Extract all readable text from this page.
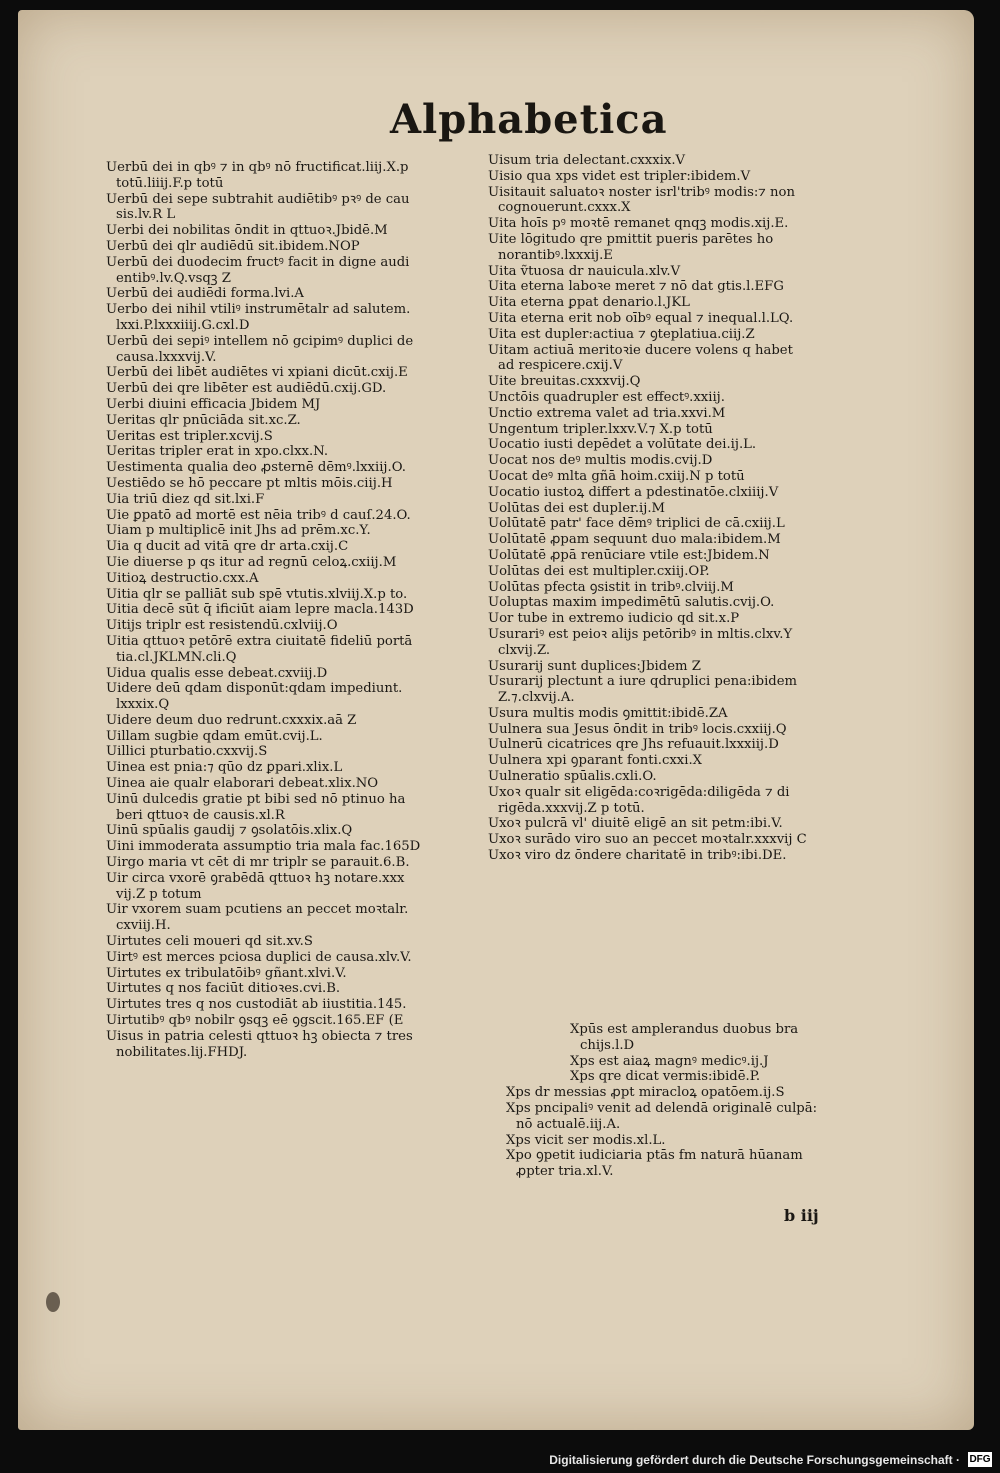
Alphabetica
Uerbū dei in qbꝰ ⁊ in qbꝰ nō fructificat.liij.X.p
totū.liiij.F.p totū
Uerbū dei sepe subtrahit audiētibꝰ pꝛꝰ de cau
sis.lv.R L
Uerbi dei nobilitas ōndit in qttuoꝛ.Jbidē.M
Uerbū dei qlr audiēdū sit.ibidem.NOP
Uerbū dei duodecim fructꝰ facit in digne audi
entibꝰ.lv.Q.vsqꝫ Z
Uerbū dei audiēdi forma.lvi.A
Uerbo dei nihil vtiliꝰ instrumētalr ad salutem.
lxxi.P.lxxxiiij.G.cxl.D
Uerbū dei sepiꝰ intellem nō gcipimꝰ duplici de
causa.lxxxvij.V.
Uerbū dei libēt audiētes vi xpiani dicūt.cxij.E
Uerbū dei qre libēter est audiēdū.cxij.GD.
Uerbi diuini efficacia Jbidem MJ
Ueritas qlr pnūciāda sit.xc.Z.
Ueritas est tripler.xcvij.S
Ueritas tripler erat in xpo.clxx.N.
Uestimenta qualia deo ꝓsternē dēmꝰ.lxxiij.O.
Uestiēdo se hō peccare pt mltis mōis.ciij.H
Uia triū diez qd sit.lxi.F
Uie ꝑpatō ad mortē est nēia tribꝰ d cauſ.24.O.
Uiam p multiplicē init Jhs ad prēm.xc.Y.
Uia q ducit ad vitā qre dr arta.cxij.C
Uie diuerse p qs itur ad regnū celoꝝ.cxiij.M
Uitioꝝ destructio.cxx.A
Uitia qlr se palliāt sub spē vtutis.xlviij.X.p to.
Uitia decē sūt q̄ ificiūt aiam lepre macl̄a.143D
Uitijs triplr est resistendū.cxlviij.O
Uitia qttuoꝛ petōrē extra ciuitatē fideliū portā
tia.cl.JKLMN.cli.Q
Uidua qualis esse debeat.cxviij.D
Uidere deū qdam disponūt:qdam impediunt.
lxxxix.Q
Uidere deum duo redrunt.cxxxix.aā Z
Uillam sugbie qdam emūt.cvij.L.
Uillici pturbatio.cxxvij.S
Uinea est pnia:⁊ qūo dz ꝑpari.xlix.L
Uinea aie qualr elaborari debeat.xlix.NO
Uinū dulcedis gratie pt bibi sed nō ptinuo ha
beri qttuoꝛ de causis.xl.R
Uinū spūalis gaudij ⁊ ꝯsolatōis.xlix.Q
Uini immoderata assumptio tria mala fac.165D
Uirgo maria vt cēt di mr tripl̄r se parauit.6.B.
Uir circa vxorē ꝯrabēdā qttuoꝛ hꝫ notare.xxx
vij.Z p totum
Uir vxorem suam pcutiens an peccet moꝛtalr.
cxviij.H.
Uirtutes celi moueri qd sit.xv.S
Uirtꝰ est merces pciosa duplici de causa.xlv.V.
Uirtutes ex tribulatōibꝰ gñant.xlvi.V.
Uirtutes q nos faciūt ditioꝛes.cvi.B.
Uirtutes tres q nos custodiāt ab iiustitia.145.
Uirtutibꝰ qbꝰ nobilr ꝯsqꝫ eē ꝯgscit.165.EF (E
Uisus in patria celesti qttuoꝛ hꝫ obiecta ⁊ tres
nobilitates.lij.FHDJ.
Uisum tria delectant.cxxxix.V
Uisio qua xps videt est tripler:ibidem.V
Uisitauit saluatoꝛ noster isrl'tribꝰ modis:⁊ non
cognouerunt.cxxx.X
Uita hoīs pꝰ moꝛtē remanet qnqꝫ modis.xij.E.
Uite lōgitudo qre pmittit pueris parētes ho
norantibꝰ.lxxxij.E
Uita ṽtuosa dr nauicula.xlv.V
Uita eterna laboꝛe meret ⁊ nō dat gtis.l.EFG
Uita eterna ꝑpat denario.l.JKL
Uita eterna erit nob oībꝰ equal ⁊ inequal.l.LQ.
Uita est dupler:actiua ⁊ ꝯteplatiua.ciij.Z
Uitam actiuā meritoꝛie ducere volens q habet
ad respicere.cxij.V
Uite breuitas.cxxxvij.Q
Unctōis quadrupler est effectꝰ.xxiij.
Unctio extrema valet ad tria.xxvi.M
Ungentum tripler.lxxv.V.⁊ X.p totū
Uocatio iusti depēdet a volūtate dei.ij.L.
Uocat nos deꝰ multis modis.cvij.D
Uocat deꝰ mlta gñā hoim.cxiij.N p totū
Uocatio iustoꝝ differt a pdestinatōe.clxiiij.V
Uolūtas dei est dupler.ij.M
Uolūtatē patr' face dēmꝰ triplici de cā.cxiij.L
Uolūtatē ꝓpam sequunt duo mala:ibidem.M
Uolūtatē ꝓpā renūciare vtile est:Jbidem.N
Uolūtas dei est multipler.cxiij.OP.
Uolūtas pfecta ꝯsistit in tribꝰ.clviij.M
Uoluptas maxim impedimētū salutis.cvij.O.
Uor tube in extremo iudicio qd sit.x.P
Usurariꝰ est peioꝛ alijs petōribꝰ in mltis.clxv.Y
clxvij.Z.
Usurarij sunt duplices:Jbidem Z
Usurarij plectunt a iure qdruplici pena:ibidem
Z.⁊.clxvij.A.
Usura multis modis ꝯmittit:ibidē.ZA
Uulnera sua Jesus ōndit in tribꝰ locis.cxxiij.Q
Uulnerū cicatrices qre Jhs refuauit.lxxxiij.D
Uulnera xpi ꝯparant fonti.cxxi.X
Uulneratio spūalis.cxli.O.
Uxoꝛ qualr sit eligēda:coꝛrigēda:diligēda ⁊ di
rigēda.xxxvij.Z p totū.
Uxoꝛ pulcrā vl' diuitē eligē an sit petm:ibi.V.
Uxoꝛ surādo viro suo an peccet moꝛtalr.xxxvij C
Uxoꝛ viro dz ōndere charitatē in tribꝰ:ibi.DE.
Xpūs est amplerandus duobus bra
chijs.l.D
Xps est aiaꝝ magnꝰ medicꝰ.ij.J
Xps qre dicat vermis:ibidē.P.
Xps dr messias ꝓpt miracloꝝ opatōem.ij.S
Xps pncipaliꝰ venit ad delendā originalē culpā:
nō actualē.iij.A.
Xps vicit ser modis.xl.L.
Xpo ꝯpetit iudiciaria ptās fm naturā hūanam
ꝓpter tria.xl.V.
b iij
Digitalisierung gefördert durch die Deutsche Forschungsgemeinschaft · DFG
